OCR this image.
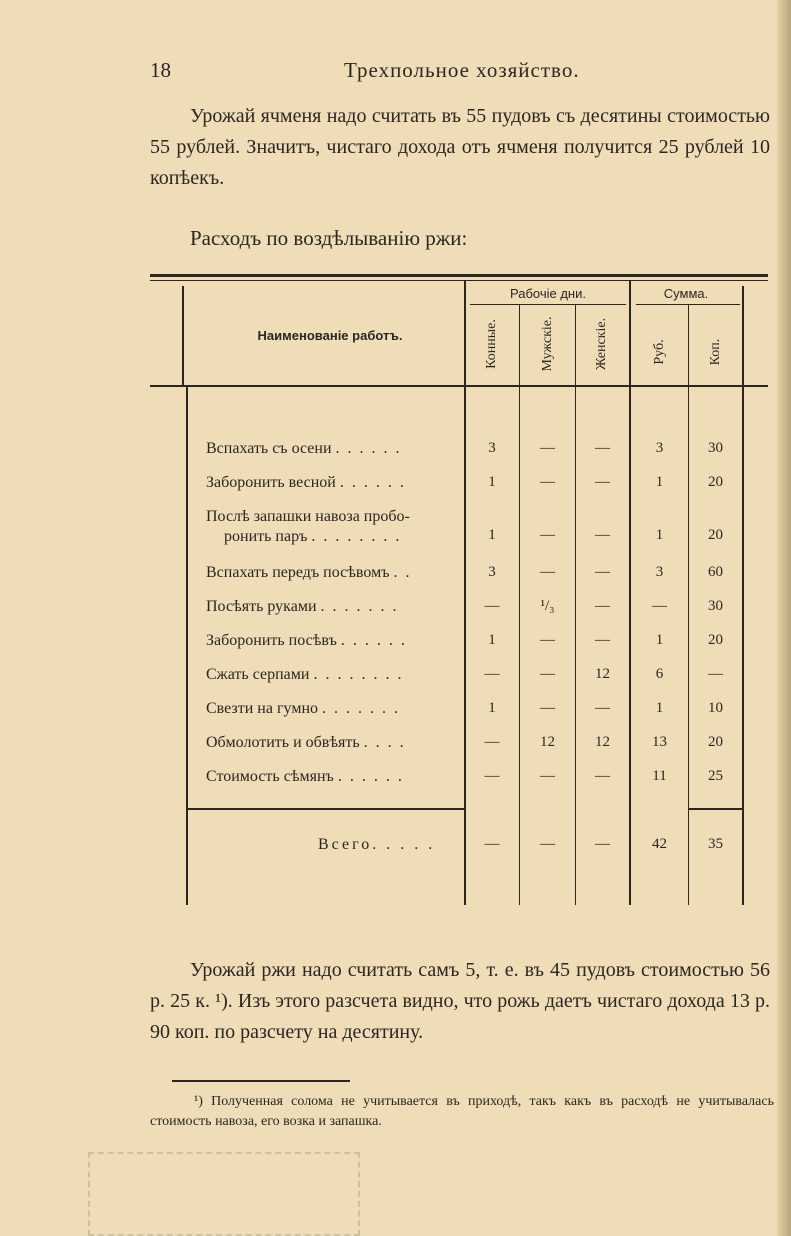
18	Трехпольное хозяйство.

Урожай ячменя надо считать въ 55 пудовъ съ десятины стоимостью 55 рублей. Значитъ, чистаго дохода отъ ячменя получится 25 рублей 10 копѣекъ.

Расходъ по воздѣлыванію ржи:

Рабочіе дни.	Сумма.
Наименованіе работъ.	Конные.	Мужскіе.	Женскіе.	Руб.	Коп.
Вспахать съ осени . . . . . .	3	—	—	3	30
Заборонить весной . . . . . .	1	—	—	1	20
Послѣ запашки навоза пробо-
ронить паръ . . . . . . . .	1	—	—	1	20
Вспахать передъ посѣвомъ . .	3	—	—	3	60
Посѣять руками . . . . . . .	—	¹/₃	—	—	30
Заборонить посѣвъ . . . . . .	1	—	—	1	20
Сжать серпами . . . . . . . .	—	—	12	6	—
Свезти на гумно . . . . . . .	1	—	—	1	10
Обмолотить и обвѣять . . . .	—	12	12	13	20
Стоимость сѣмянъ . . . . . .	—	—	—	11	25
Всего. . . . .	—	—	—	42	35

Урожай ржи надо считать самъ 5, т. е. въ 45 пудовъ стоимостью 56 р. 25 к. ¹). Изъ этого разсчета видно, что рожь даетъ чистаго дохода 13 р. 90 коп. по разсчету на десятину.

¹) Полученная солома не учитывается въ приходѣ, такъ какъ въ расходѣ не учитывалась стоимость навоза, его возка и запашка.
